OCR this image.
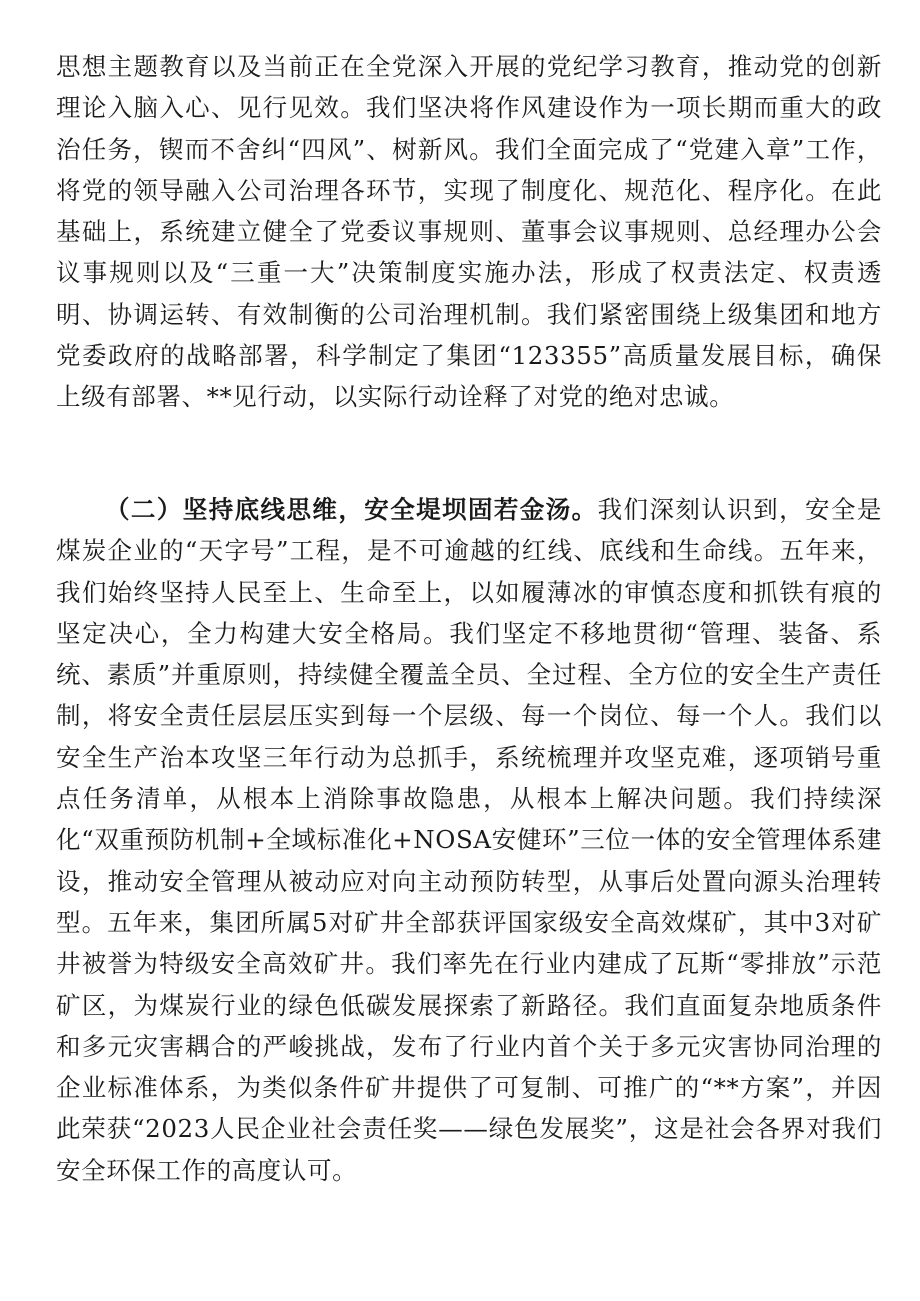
思想主题教育以及当前正在全党深入开展的党纪学习教育，推动党的创新理论入脑入心、见行见效。我们坚决将作风建设作为一项长期而重大的政治任务，锲而不舍纠“四风”、树新风。我们全面完成了“党建入章”工作，将党的领导融入公司治理各环节，实现了制度化、规范化、程序化。在此基础上，系统建立健全了党委议事规则、董事会议事规则、总经理办公会议事规则以及“三重一大”决策制度实施办法，形成了权责法定、权责透明、协调运转、有效制衡的公司治理机制。我们紧密围绕上级集团和地方党委政府的战略部署，科学制定了集团“123355”高质量发展目标，确保上级有部署、**见行动，以实际行动诠释了对党的绝对忠诚。

（二）坚持底线思维，安全堤坝固若金汤。我们深刻认识到，安全是煤炭企业的“天字号”工程，是不可逾越的红线、底线和生命线。五年来，我们始终坚持人民至上、生命至上，以如履薄冰的审慎态度和抓铁有痕的坚定决心，全力构建大安全格局。我们坚定不移地贯彻“管理、装备、系统、素质”并重原则，持续健全覆盖全员、全过程、全方位的安全生产责任制，将安全责任层层压实到每一个层级、每一个岗位、每一个人。我们以安全生产治本攻坚三年行动为总抓手，系统梳理并攻坚克难，逐项销号重点任务清单，从根本上消除事故隐患，从根本上解决问题。我们持续深化“双重预防机制+全域标准化+NOSA安健环”三位一体的安全管理体系建设，推动安全管理从被动应对向主动预防转型，从事后处置向源头治理转型。五年来，集团所属5对矿井全部获评国家级安全高效煤矿，其中3对矿井被誉为特级安全高效矿井。我们率先在行业内建成了瓦斯“零排放”示范矿区，为煤炭行业的绿色低碳发展探索了新路径。我们直面复杂地质条件和多元灾害耦合的严峻挑战，发布了行业内首个关于多元灾害协同治理的企业标准体系，为类似条件矿井提供了可复制、可推广的“**方案”，并因此荣获“2023人民企业社会责任奖——绿色发展奖”，这是社会各界对我们安全环保工作的高度认可。
